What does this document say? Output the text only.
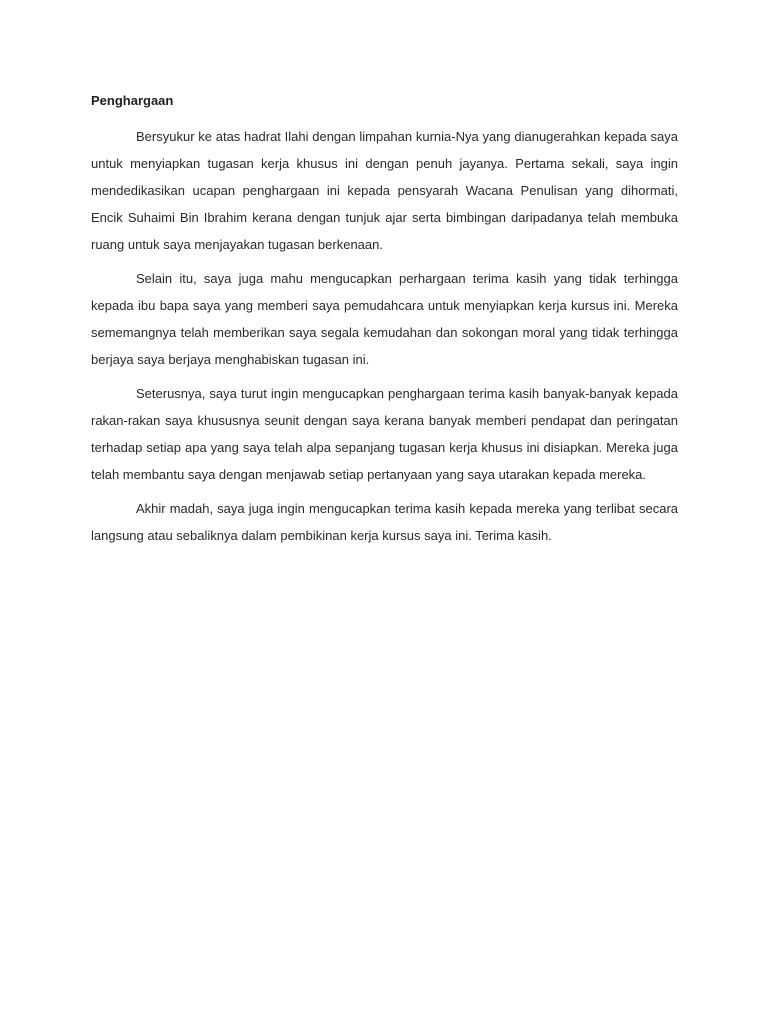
Penghargaan

Bersyukur ke atas hadrat Ilahi dengan limpahan kurnia-Nya yang dianugerahkan kepada saya untuk menyiapkan tugasan kerja khusus ini dengan penuh jayanya. Pertama sekali, saya ingin mendedikasikan ucapan penghargaan ini kepada pensyarah Wacana Penulisan yang dihormati, Encik Suhaimi Bin Ibrahim kerana dengan tunjuk ajar serta bimbingan daripadanya telah membuka ruang untuk saya menjayakan tugasan berkenaan.

Selain itu, saya juga mahu mengucapkan perhargaan terima kasih yang tidak terhingga kepada ibu bapa saya yang memberi saya pemudahcara untuk menyiapkan kerja kursus ini. Mereka sememangnya telah memberikan saya segala kemudahan dan sokongan moral yang tidak terhingga berjaya saya berjaya menghabiskan tugasan ini.

Seterusnya, saya turut ingin mengucapkan penghargaan terima kasih banyak-banyak kepada rakan-rakan saya khususnya seunit dengan saya kerana banyak memberi pendapat dan peringatan terhadap setiap apa yang saya telah alpa sepanjang tugasan kerja khusus ini disiapkan. Mereka juga telah membantu saya dengan menjawab setiap pertanyaan yang saya utarakan kepada mereka.

Akhir madah, saya juga ingin mengucapkan terima kasih kepada mereka yang terlibat secara langsung atau sebaliknya dalam pembikinan kerja kursus saya ini. Terima kasih.
